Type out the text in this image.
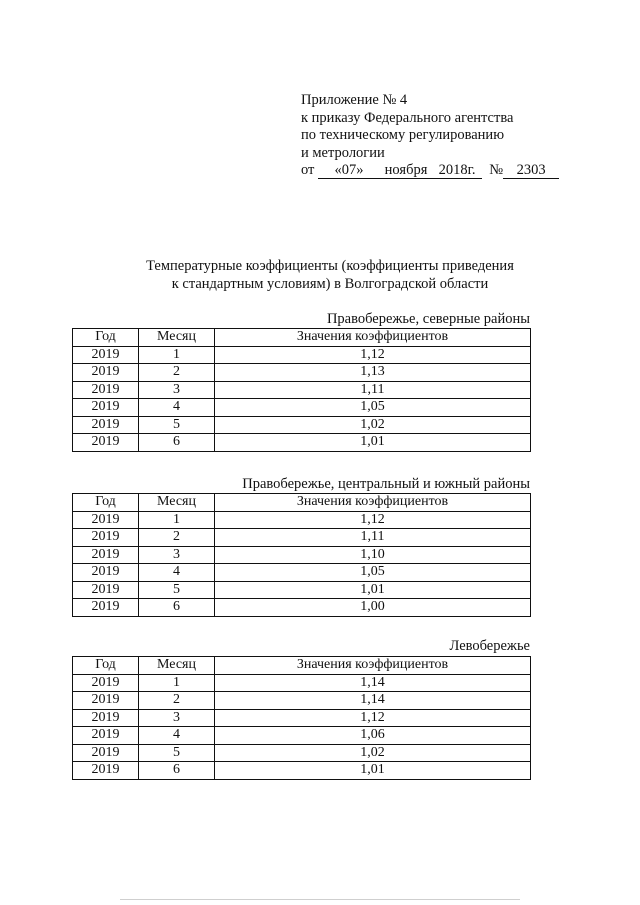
Приложение № 4
к приказу Федерального агентства
по техническому регулированию
и метрологии
от «07» ноября 2018г. № 2303
Температурные коэффициенты (коэффициенты приведения
к стандартным условиям) в Волгоградской области
Правобережье, северные районы
Год	Месяц	Значения коэффициентов
2019	1	1,12
2019	2	1,13
2019	3	1,11
2019	4	1,05
2019	5	1,02
2019	6	1,01
Правобережье, центральный и южный районы
Год	Месяц	Значения коэффициентов
2019	1	1,12
2019	2	1,11
2019	3	1,10
2019	4	1,05
2019	5	1,01
2019	6	1,00
Левобережье
Год	Месяц	Значения коэффициентов
2019	1	1,14
2019	2	1,14
2019	3	1,12
2019	4	1,06
2019	5	1,02
2019	6	1,01
